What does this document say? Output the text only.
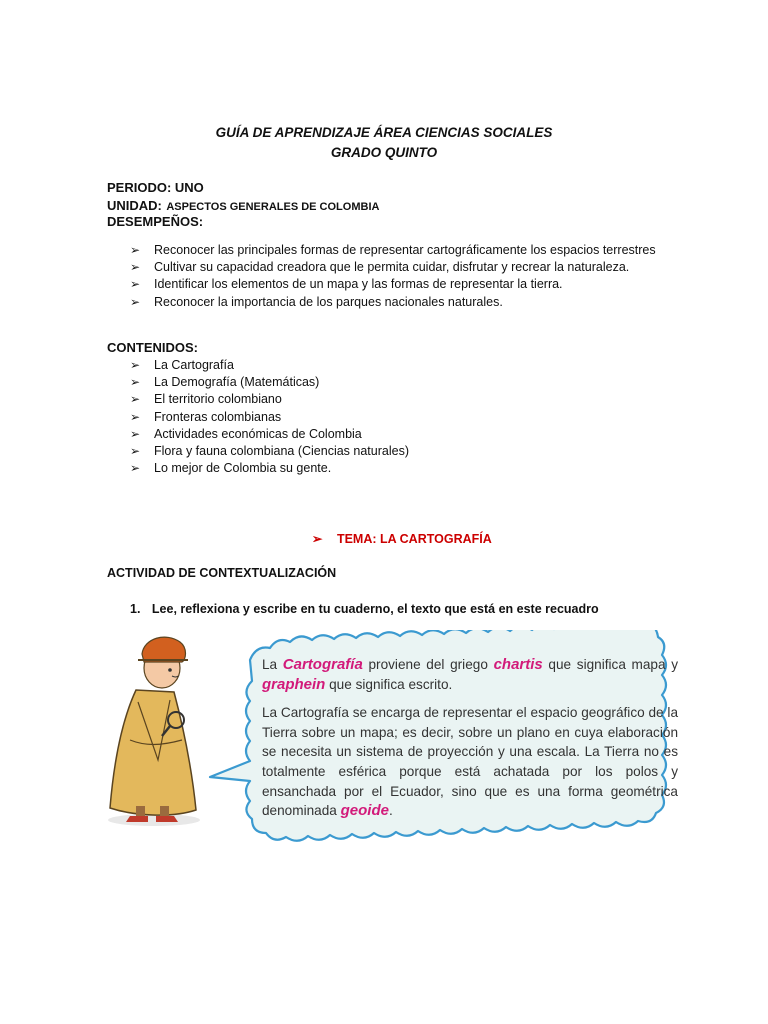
GUÍA DE APRENDIZAJE ÁREA CIENCIAS SOCIALES
GRADO QUINTO
PERIODO: UNO
UNIDAD: ASPECTOS GENERALES DE COLOMBIA
DESEMPEÑOS:
➢ Reconocer las principales formas de representar cartográficamente los espacios terrestres
➢ Cultivar su capacidad creadora que le permita cuidar, disfrutar y recrear la naturaleza.
➢ Identificar los elementos de un mapa y las formas de representar la tierra.
➢ Reconocer la importancia de los parques nacionales naturales.
CONTENIDOS:
➢ La Cartografía
➢ La Demografía (Matemáticas)
➢ El territorio colombiano
➢ Fronteras colombianas
➢ Actividades económicas de Colombia
➢ Flora y fauna colombiana (Ciencias naturales)
➢ Lo mejor de Colombia su gente.
➢ TEMA: LA CARTOGRAFÍA
ACTIVIDAD DE CONTEXTUALIZACIÓN
1. Lee, reflexiona y escribe en tu cuaderno, el texto que está en este recuadro

La Cartografía proviene del griego chartis que significa mapa y graphein que significa escrito.

La Cartografía se encarga de representar el espacio geográfico de la Tierra sobre un mapa; es decir, sobre un plano en cuya elaboración se necesita un sistema de proyección y una escala. La Tierra no es totalmente esférica porque está achatada por los polos y ensanchada por el Ecuador, sino que es una forma geométrica denominada geoide.
